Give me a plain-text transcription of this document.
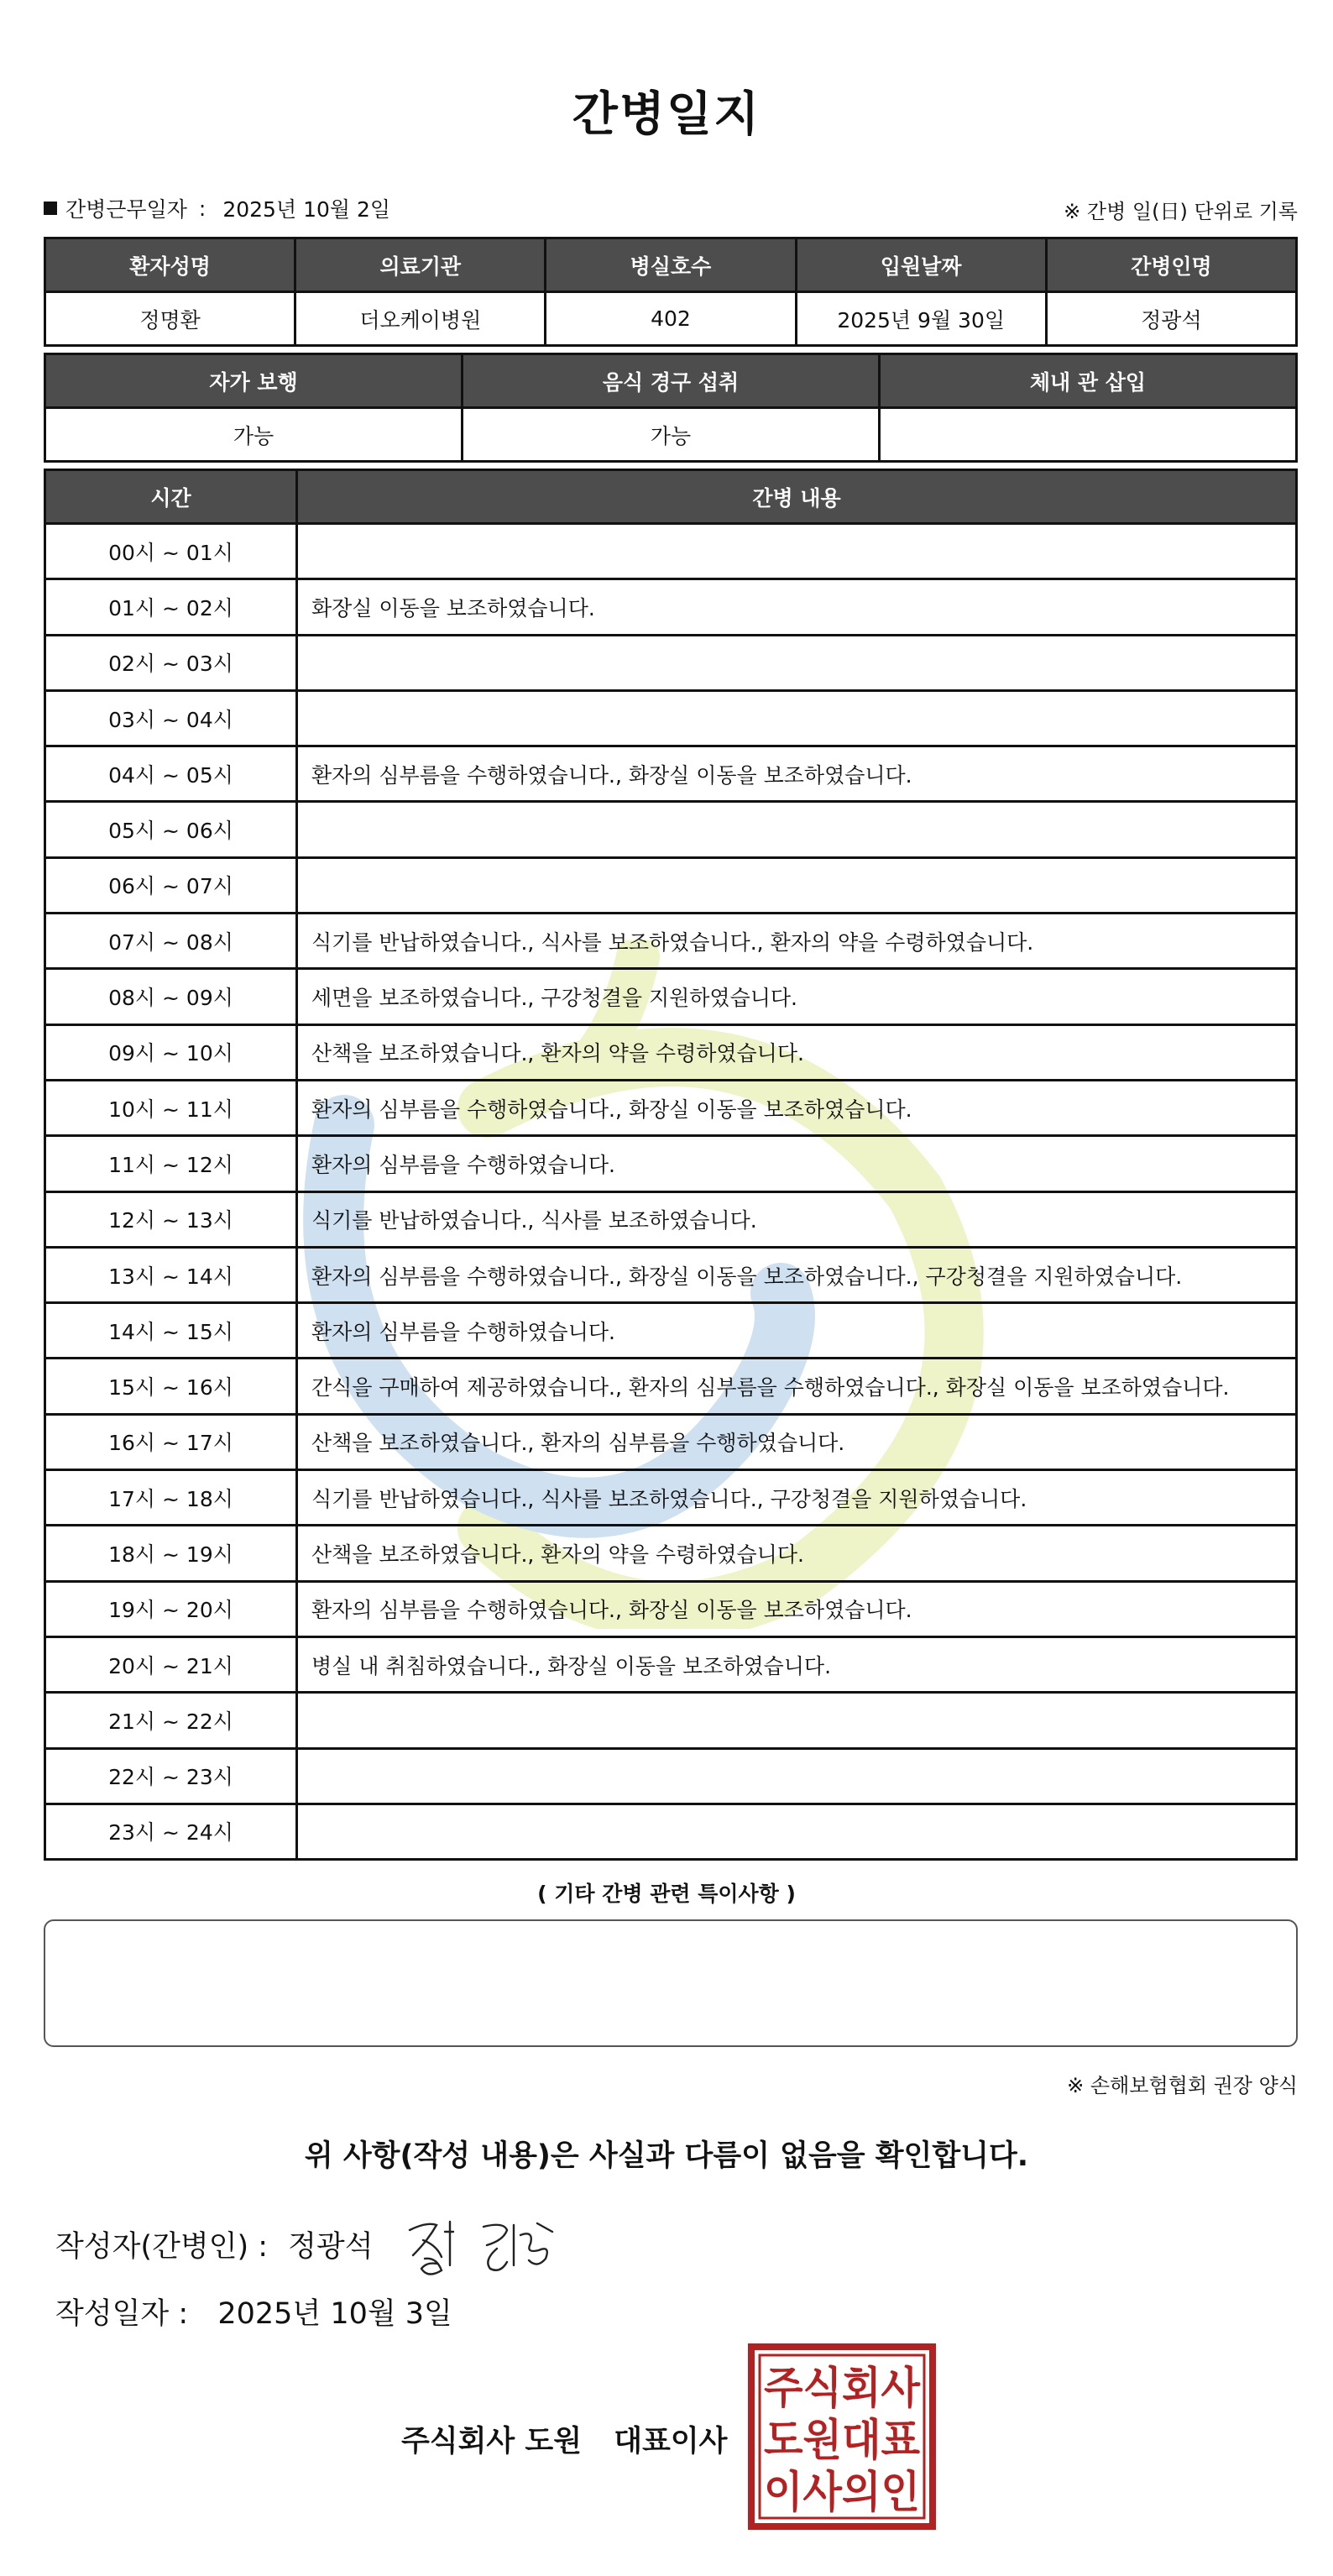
간병일지
간병근무일자 : 2025년 10월 2일	※ 간병 일(日) 단위로 기록
환자성명	의료기관	병실호수	입원날짜	간병인명
정명환	더오케이병원	402	2025년 9월 30일	정광석
자가 보행	음식 경구 섭취	체내 관 삽입
가능	가능	
시간	간병 내용
00시 ~ 01시	
01시 ~ 02시	화장실 이동을 보조하였습니다.
02시 ~ 03시	
03시 ~ 04시	
04시 ~ 05시	환자의 심부름을 수행하였습니다., 화장실 이동을 보조하였습니다.
05시 ~ 06시	
06시 ~ 07시	
07시 ~ 08시	식기를 반납하였습니다., 식사를 보조하였습니다., 환자의 약을 수령하였습니다.
08시 ~ 09시	세면을 보조하였습니다., 구강청결을 지원하였습니다.
09시 ~ 10시	산책을 보조하였습니다., 환자의 약을 수령하였습니다.
10시 ~ 11시	환자의 심부름을 수행하였습니다., 화장실 이동을 보조하였습니다.
11시 ~ 12시	환자의 심부름을 수행하였습니다.
12시 ~ 13시	식기를 반납하였습니다., 식사를 보조하였습니다.
13시 ~ 14시	환자의 심부름을 수행하였습니다., 화장실 이동을 보조하였습니다., 구강청결을 지원하였습니다.
14시 ~ 15시	환자의 심부름을 수행하였습니다.
15시 ~ 16시	간식을 구매하여 제공하였습니다., 환자의 심부름을 수행하였습니다., 화장실 이동을 보조하였습니다.
16시 ~ 17시	산책을 보조하였습니다., 환자의 심부름을 수행하였습니다.
17시 ~ 18시	식기를 반납하였습니다., 식사를 보조하였습니다., 구강청결을 지원하였습니다.
18시 ~ 19시	산책을 보조하였습니다., 환자의 약을 수령하였습니다.
19시 ~ 20시	환자의 심부름을 수행하였습니다., 화장실 이동을 보조하였습니다.
20시 ~ 21시	병실 내 취침하였습니다., 화장실 이동을 보조하였습니다.
21시 ~ 22시	
22시 ~ 23시	
23시 ~ 24시	
( 기타 간병 관련 특이사항 )
※ 손해보험협회 권장 양식
위 사항(작성 내용)은 사실과 다름이 없음을 확인합니다.
작성자(간병인) : 정광석
작성일자 : 2025년 10월 3일
주식회사 도원 대표이사
주식회사
도원대표
이사의인
